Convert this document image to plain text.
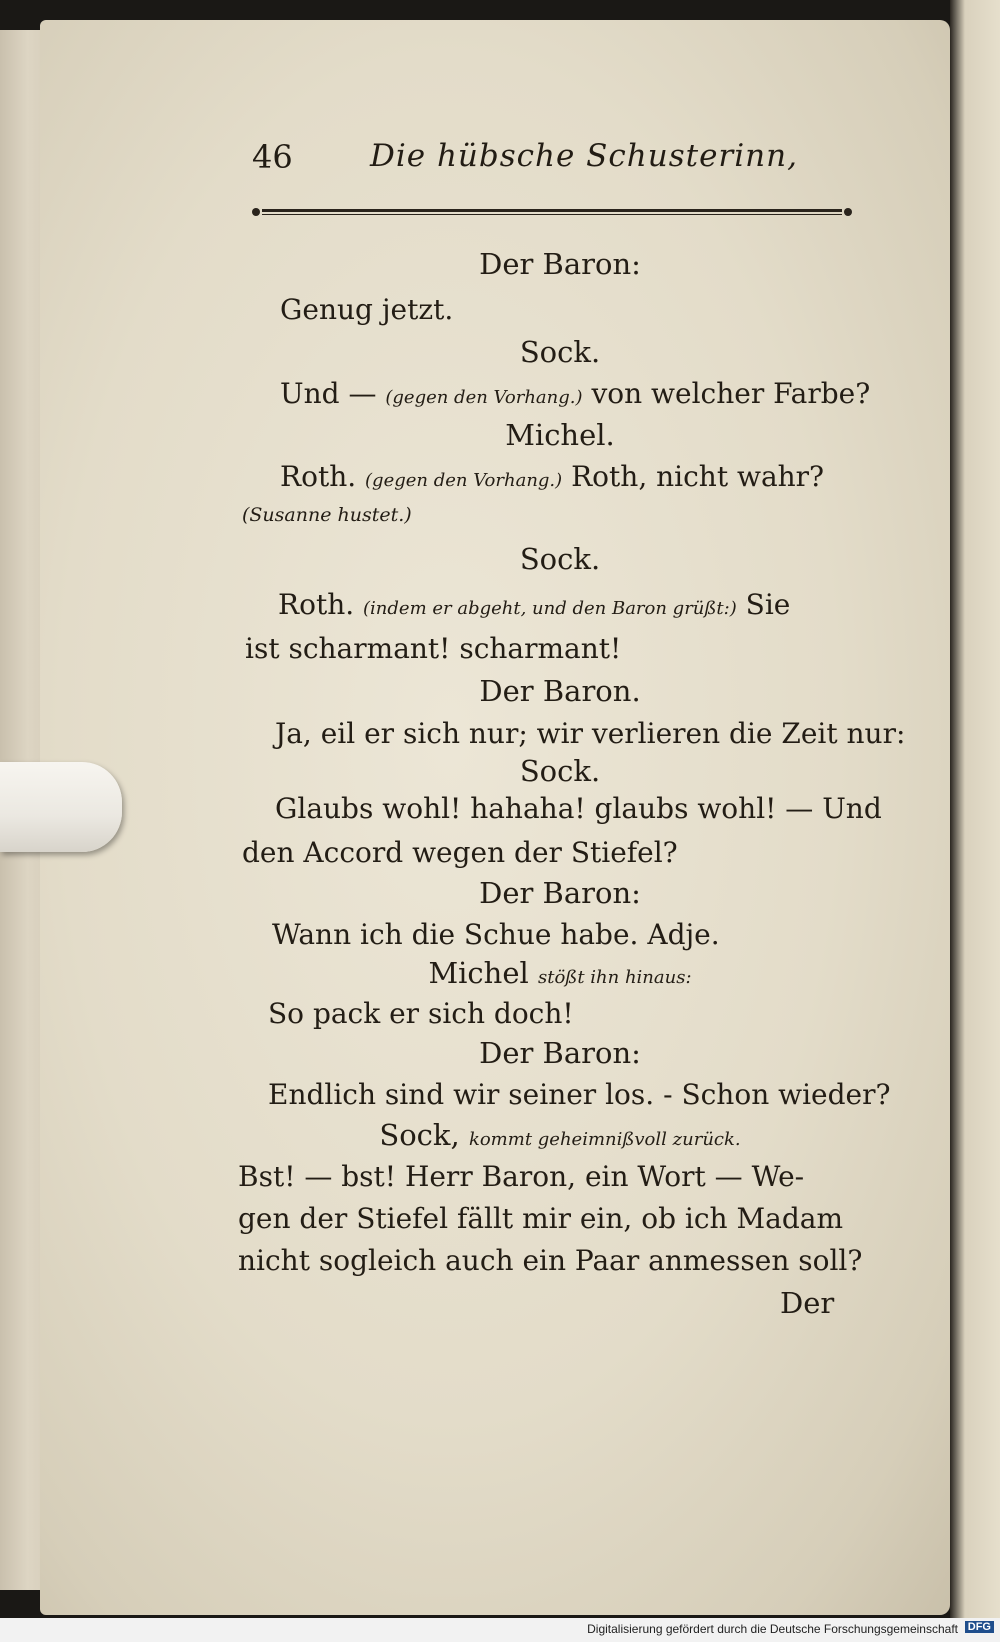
46 Die hübsche Schusterinn,
Der Baron:
Genug jetzt.
Sock.
Und — (gegen den Vorhang.) von welcher Farbe?
Michel.
Roth. (gegen den Vorhang.) Roth, nicht wahr?
(Susanne hustet.)
Sock.
Roth. (indem er abgeht, und den Baron grüßt:) Sie
ist scharmant! scharmant!
Der Baron.
Ja, eil er sich nur; wir verlieren die Zeit nur:
Sock.
Glaubs wohl! hahaha! glaubs wohl! — Und
den Accord wegen der Stiefel?
Der Baron:
Wann ich die Schue habe. Adje.
Michel stößt ihn hinaus:
So pack er sich doch!
Der Baron:
Endlich sind wir seiner los. - Schon wieder?
Sock, kommt geheimnißvoll zurück.
Bst! — bst! Herr Baron, ein Wort — We-
gen der Stiefel fällt mir ein, ob ich Madam
nicht sogleich auch ein Paar anmessen soll?
Der
Digitalisierung gefördert durch die Deutsche Forschungsgemeinschaft DFG
